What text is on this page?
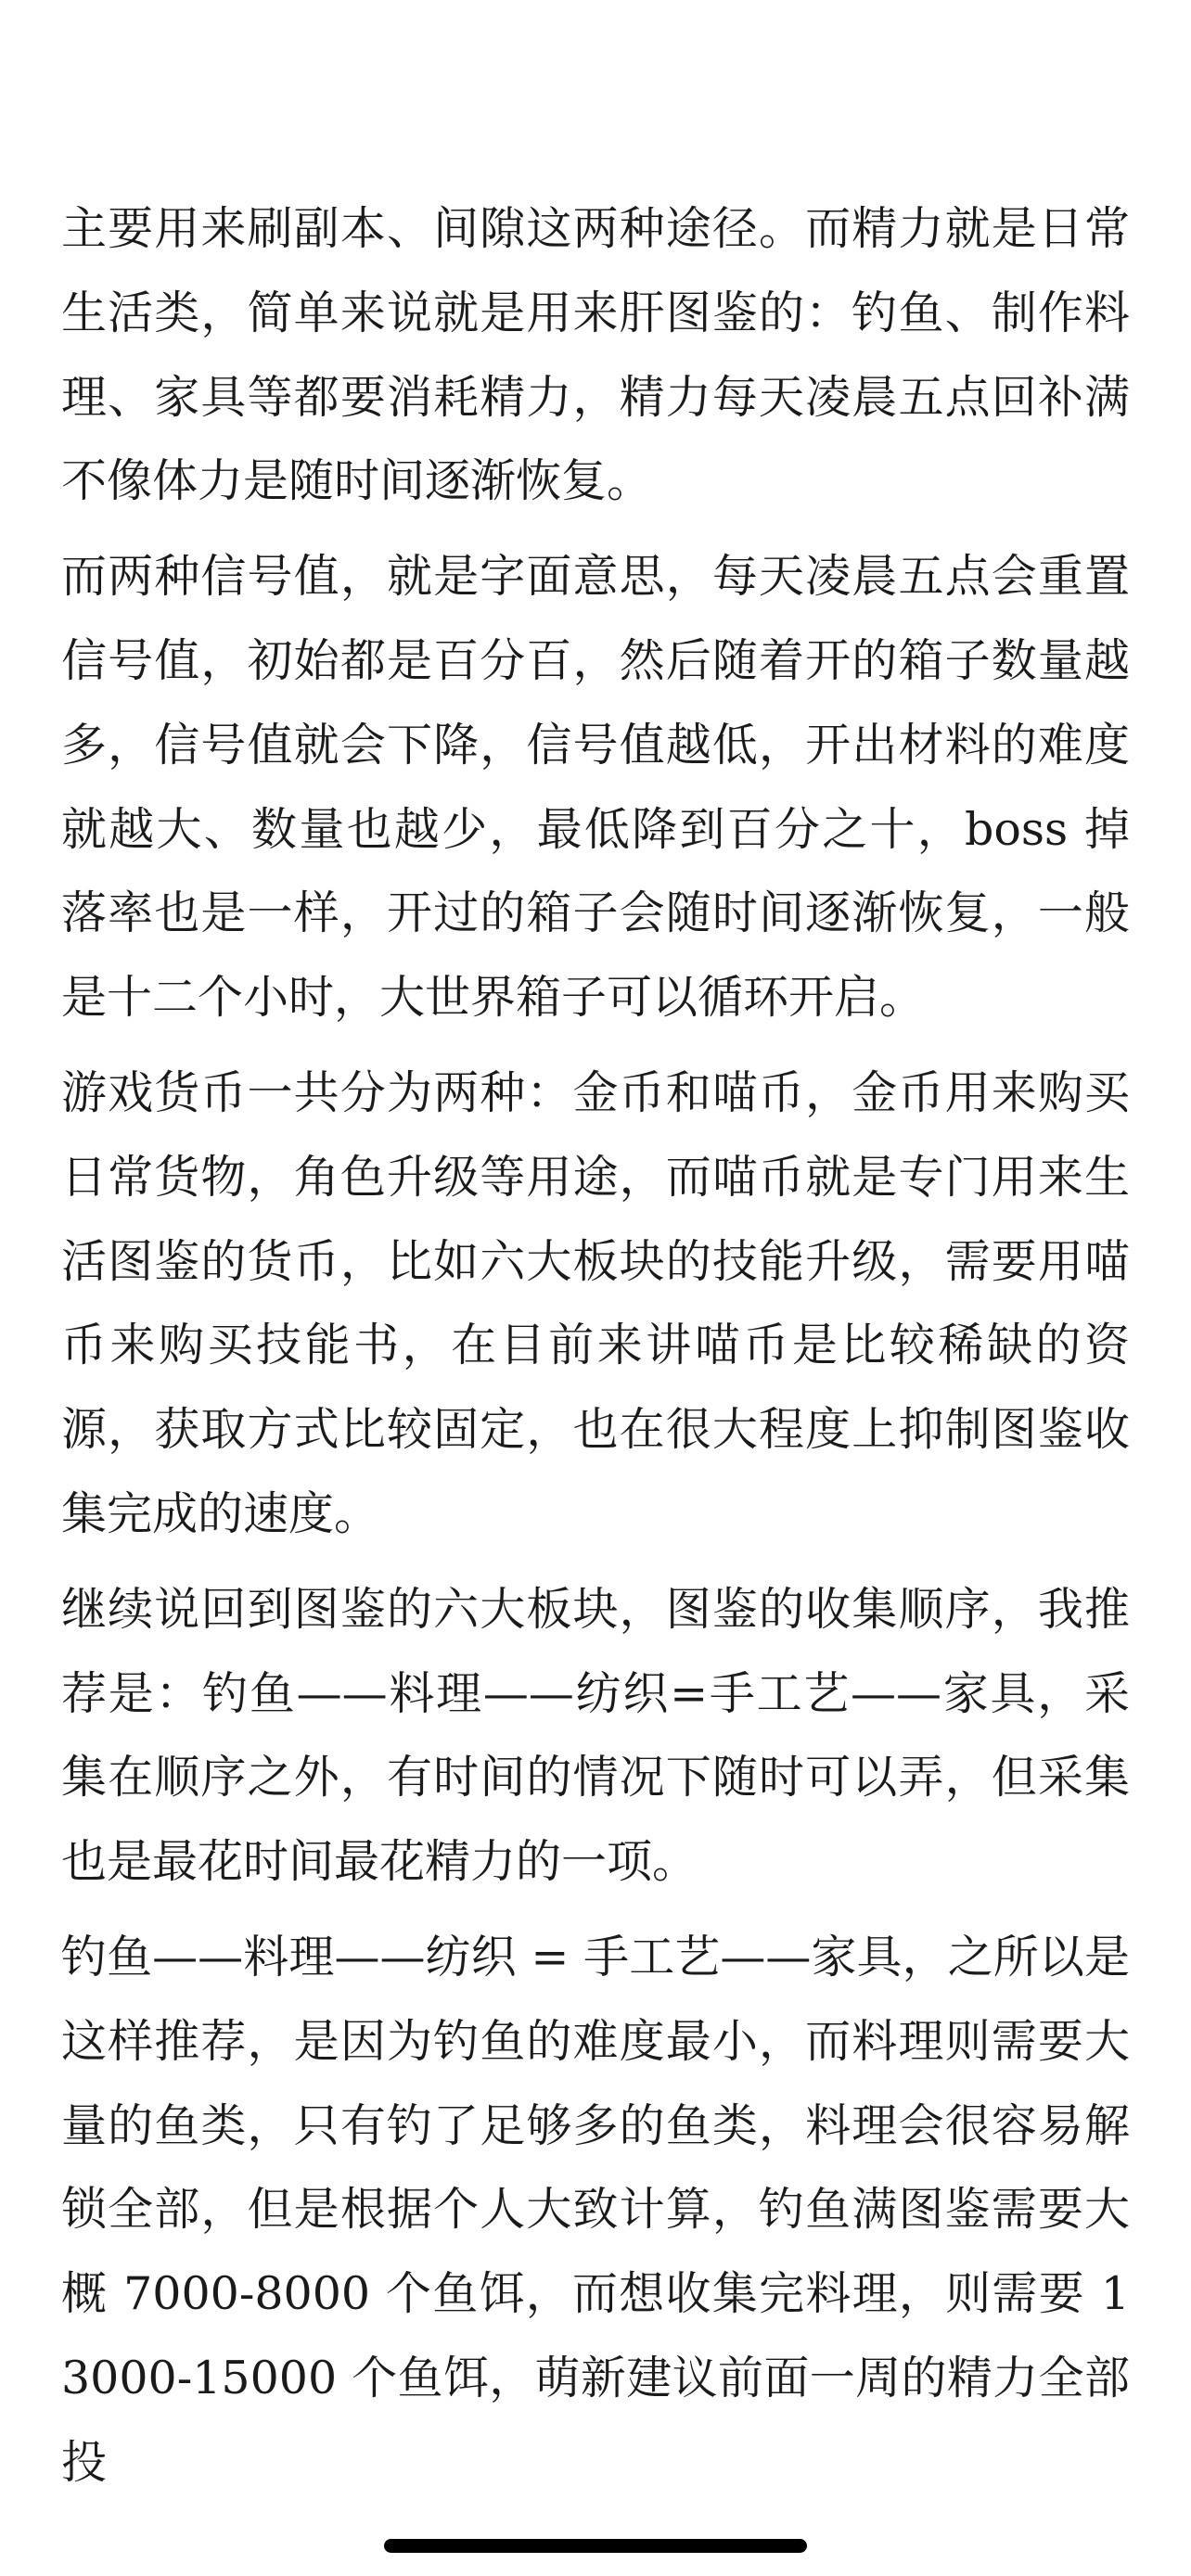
主要用来刷副本、间隙这两种途径。而精力就是日常生活类，简单来说就是用来肝图鉴的：钓鱼、制作料理、家具等都要消耗精力，精力每天凌晨五点回补满不像体力是随时间逐渐恢复。

而两种信号值，就是字面意思，每天凌晨五点会重置信号值，初始都是百分百，然后随着开的箱子数量越多，信号值就会下降，信号值越低，开出材料的难度就越大、数量也越少，最低降到百分之十，boss 掉落率也是一样，开过的箱子会随时间逐渐恢复，一般是十二个小时，大世界箱子可以循环开启。

游戏货币一共分为两种：金币和喵币，金币用来购买日常货物，角色升级等用途，而喵币就是专门用来生活图鉴的货币，比如六大板块的技能升级，需要用喵币来购买技能书，在目前来讲喵币是比较稀缺的资源，获取方式比较固定，也在很大程度上抑制图鉴收集完成的速度。

继续说回到图鉴的六大板块，图鉴的收集顺序，我推荐是：钓鱼——料理——纺织=手工艺——家具，采集在顺序之外，有时间的情况下随时可以弄，但采集也是最花时间最花精力的一项。

钓鱼——料理——纺织 = 手工艺——家具，之所以是这样推荐，是因为钓鱼的难度最小，而料理则需要大量的鱼类，只有钓了足够多的鱼类，料理会很容易解锁全部，但是根据个人大致计算，钓鱼满图鉴需要大概 7000-8000 个鱼饵，而想收集完料理，则需要 13000-15000 个鱼饵，萌新建议前面一周的精力全部投
